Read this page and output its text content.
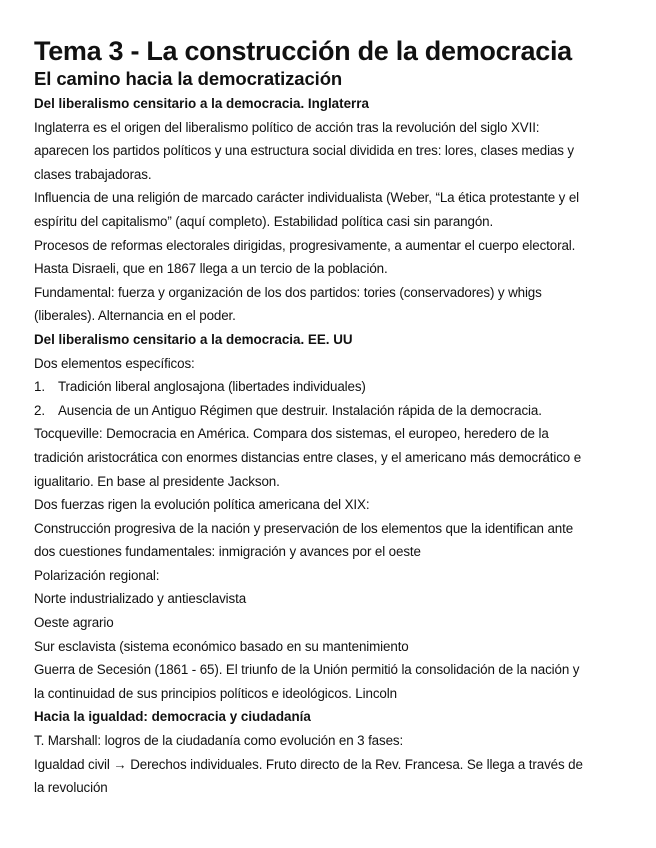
Tema 3 - La construcción de la democracia
El camino hacia la democratización
Del liberalismo censitario a la democracia. Inglaterra

Inglaterra es el origen del liberalismo político de acción tras la revolución del siglo XVII:

aparecen los partidos políticos y una estructura social dividida en tres: lores, clases medias y

clases trabajadoras.

Influencia de una religión de marcado carácter individualista (Weber, “La ética protestante y el

espíritu del capitalismo” (aquí completo). Estabilidad política casi sin parangón.

Procesos de reformas electorales dirigidas, progresivamente, a aumentar el cuerpo electoral.

Hasta Disraeli, que en 1867 llega a un tercio de la población.

Fundamental: fuerza y organización de los dos partidos: tories (conservadores) y whigs

(liberales). Alternancia en el poder.

Del liberalismo censitario a la democracia. EE. UU

Dos elementos específicos:

1. Tradición liberal anglosajona (libertades individuales)

2. Ausencia de un Antiguo Régimen que destruir. Instalación rápida de la democracia.

Tocqueville: Democracia en América. Compara dos sistemas, el europeo, heredero de la

tradición aristocrática con enormes distancias entre clases, y el americano más democrático e

igualitario. En base al presidente Jackson.

Dos fuerzas rigen la evolución política americana del XIX:

Construcción progresiva de la nación y preservación de los elementos que la identifican ante

dos cuestiones fundamentales: inmigración y avances por el oeste

Polarización regional:

Norte industrializado y antiesclavista

Oeste agrario

Sur esclavista (sistema económico basado en su mantenimiento

Guerra de Secesión (1861 - 65). El triunfo de la Unión permitió la consolidación de la nación y

la continuidad de sus principios políticos e ideológicos. Lincoln

Hacia la igualdad: democracia y ciudadanía

T. Marshall: logros de la ciudadanía como evolución en 3 fases:

Igualdad civil → Derechos individuales. Fruto directo de la Rev. Francesa. Se llega a través de

la revolución
